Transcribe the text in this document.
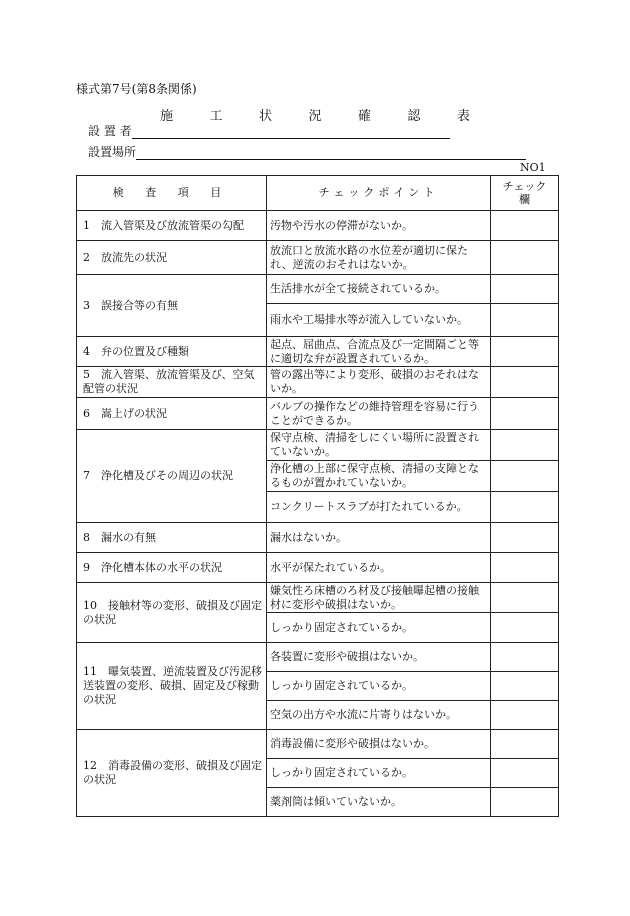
様式第7号(第8条関係)
施	工	状	況	確	認	表
設 置 者
設置場所
NO1
検 査 項 目	チェックポイント	チェック
欄
1　流入管渠及び放流管渠の勾配	汚物や汚水の停滞がないか。	
2　放流先の状況	放流口と放流水路の水位差が適切に保たれ、逆流のおそれはないか。	
3　誤接合等の有無	生活排水が全て接続されているか。	
	雨水や工場排水等が流入していないか。	
4　弁の位置及び種類	起点、屈曲点、合流点及び一定間隔ごと等に適切な弁が設置されているか。	
5　流入管渠、放流管渠及び、空気配管の状況	管の露出等により変形、破損のおそれはないか。	
6　嵩上げの状況	バルブの操作などの維持管理を容易に行うことができるか。	
7　浄化槽及びその周辺の状況	保守点検、清掃をしにくい場所に設置されていないか。	
	浄化槽の上部に保守点検、清掃の支障となるものが置かれていないか。	
	コンクリートスラブが打たれているか。	
8　漏水の有無	漏水はないか。	
9　浄化槽本体の水平の状況	水平が保たれているか。	
10　接触材等の変形、破損及び固定の状況	嫌気性ろ床槽のろ材及び接触曝起槽の接触材に変形や破損はないか。	
	しっかり固定されているか。	
11　曝気装置、逆流装置及び汚泥移送装置の変形、破損、固定及び稼動の状況	各装置に変形や破損はないか。	
	しっかり固定されているか。	
	空気の出方や水流に片寄りはないか。	
12　消毒設備の変形、破損及び固定の状況	消毒設備に変形や破損はないか。	
	しっかり固定されているか。	
	薬剤筒は傾いていないか。	
